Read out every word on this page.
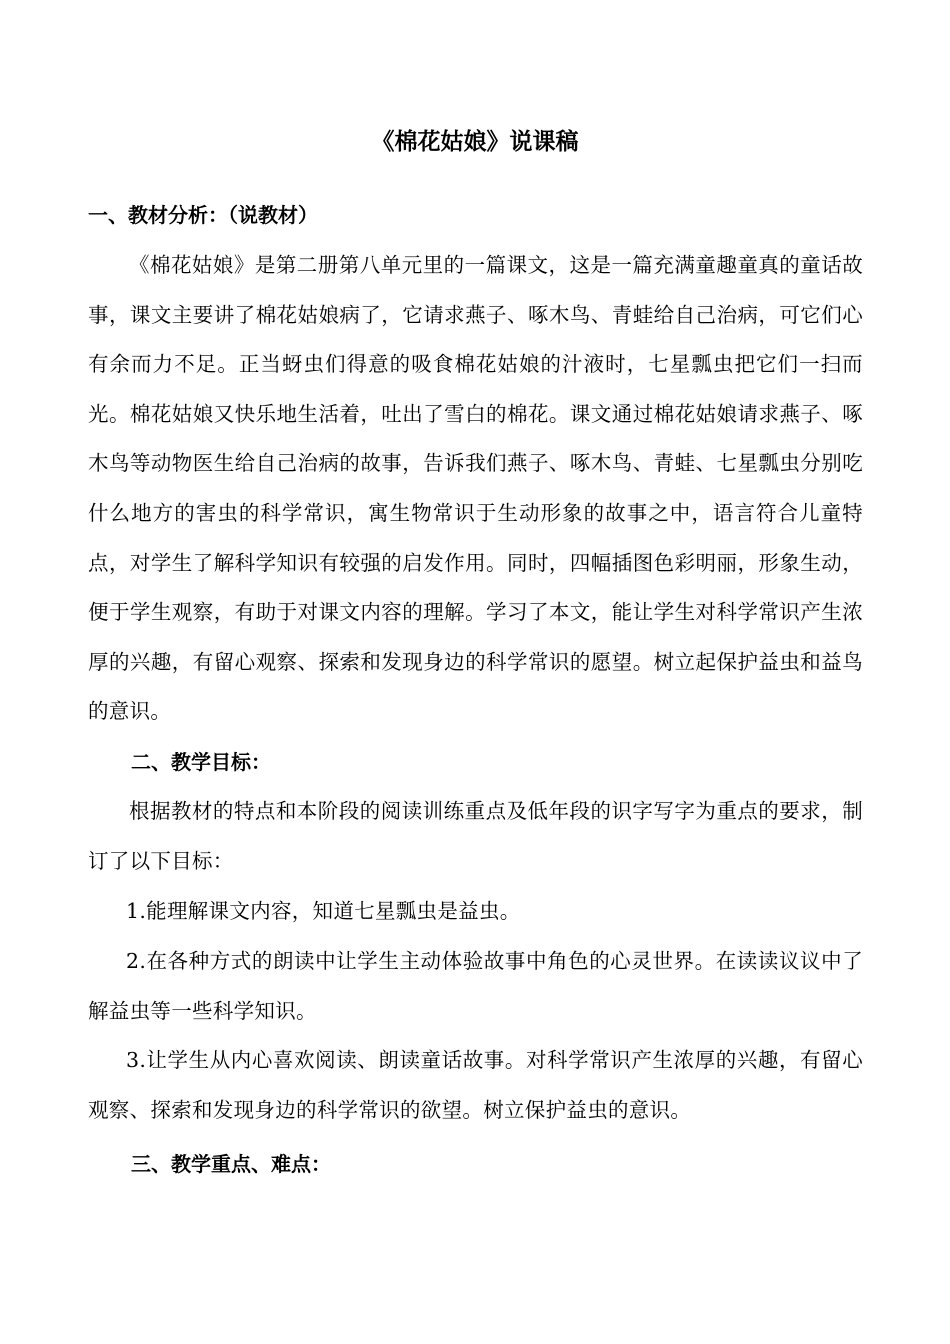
《棉花姑娘》说课稿
一、教材分析：（说教材）
《棉花姑娘》是第二册第八单元里的一篇课文，这是一篇充满童趣童真的童话故事，课文主要讲了棉花姑娘病了，它请求燕子、啄木鸟、青蛙给自己治病，可它们心有余而力不足。正当蚜虫们得意的吸食棉花姑娘的汁液时，七星瓢虫把它们一扫而光。棉花姑娘又快乐地生活着，吐出了雪白的棉花。课文通过棉花姑娘请求燕子、啄木鸟等动物医生给自己治病的故事，告诉我们燕子、啄木鸟、青蛙、七星瓢虫分别吃什么地方的害虫的科学常识，寓生物常识于生动形象的故事之中，语言符合儿童特点，对学生了解科学知识有较强的启发作用。同时，四幅插图色彩明丽，形象生动，便于学生观察，有助于对课文内容的理解。学习了本文，能让学生对科学常识产生浓厚的兴趣，有留心观察、探索和发现身边的科学常识的愿望。树立起保护益虫和益鸟的意识。
二、教学目标：
根据教材的特点和本阶段的阅读训练重点及低年段的识字写字为重点的要求，制订了以下目标：
1.能理解课文内容，知道七星瓢虫是益虫。
2.在各种方式的朗读中让学生主动体验故事中角色的心灵世界。在读读议议中了解益虫等一些科学知识。
3.让学生从内心喜欢阅读、朗读童话故事。对科学常识产生浓厚的兴趣，有留心观察、探索和发现身边的科学常识的欲望。树立保护益虫的意识。
三、教学重点、难点：
